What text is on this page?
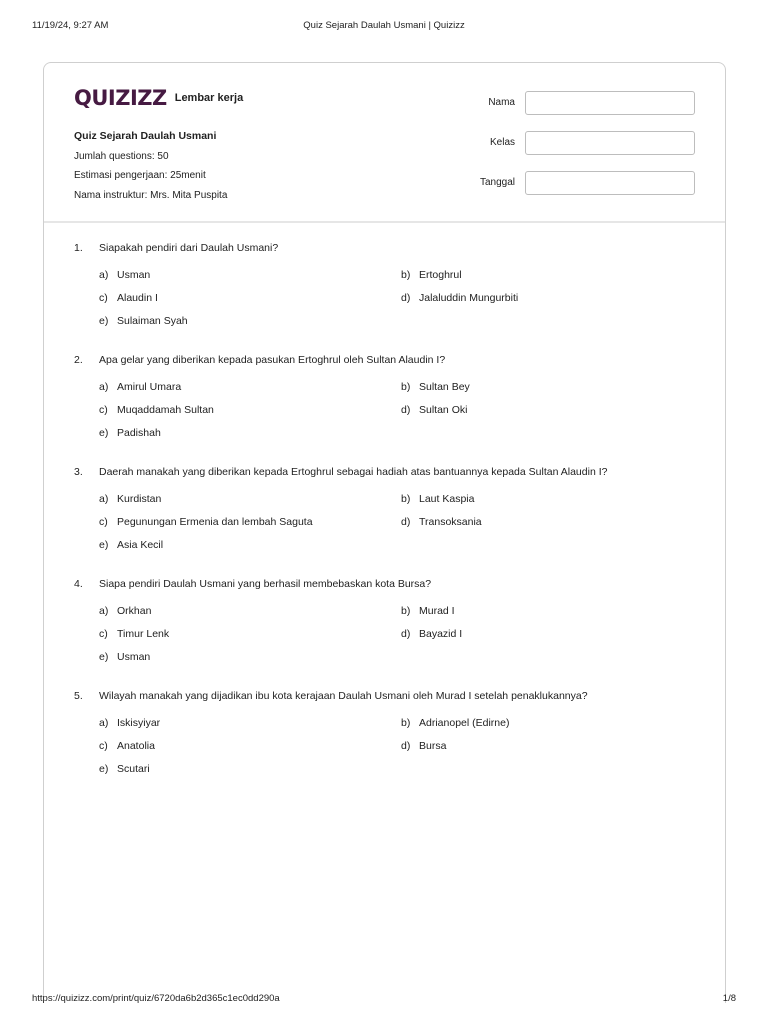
11/19/24, 9:27 AM	Quiz Sejarah Daulah Usmani | Quizizz
QUIZIZZ Lembar kerja
Quiz Sejarah Daulah Usmani
Jumlah questions: 50
Estimasi pengerjaan: 25menit
Nama instruktur: Mrs. Mita Puspita
Nama
Kelas
Tanggal
1.	Siapakah pendiri dari Daulah Usmani?
a) Usman	b) Ertoghrul
c) Alaudin I	d) Jalaluddin Mungurbiti
e) Sulaiman Syah
2.	Apa gelar yang diberikan kepada pasukan Ertoghrul oleh Sultan Alaudin I?
a) Amirul Umara	b) Sultan Bey
c) Muqaddamah Sultan	d) Sultan Oki
e) Padishah
3.	Daerah manakah yang diberikan kepada Ertoghrul sebagai hadiah atas bantuannya kepada Sultan Alaudin I?
a) Kurdistan	b) Laut Kaspia
c) Pegunungan Ermenia dan lembah Saguta	d) Transoksania
e) Asia Kecil
4.	Siapa pendiri Daulah Usmani yang berhasil membebaskan kota Bursa?
a) Orkhan	b) Murad I
c) Timur Lenk	d) Bayazid I
e) Usman
5.	Wilayah manakah yang dijadikan ibu kota kerajaan Daulah Usmani oleh Murad I setelah penaklukannya?
a) Iskisyiyar	b) Adrianopel (Edirne)
c) Anatolia	d) Bursa
e) Scutari
https://quizizz.com/print/quiz/6720da6b2d365c1ec0dd290a	1/8
